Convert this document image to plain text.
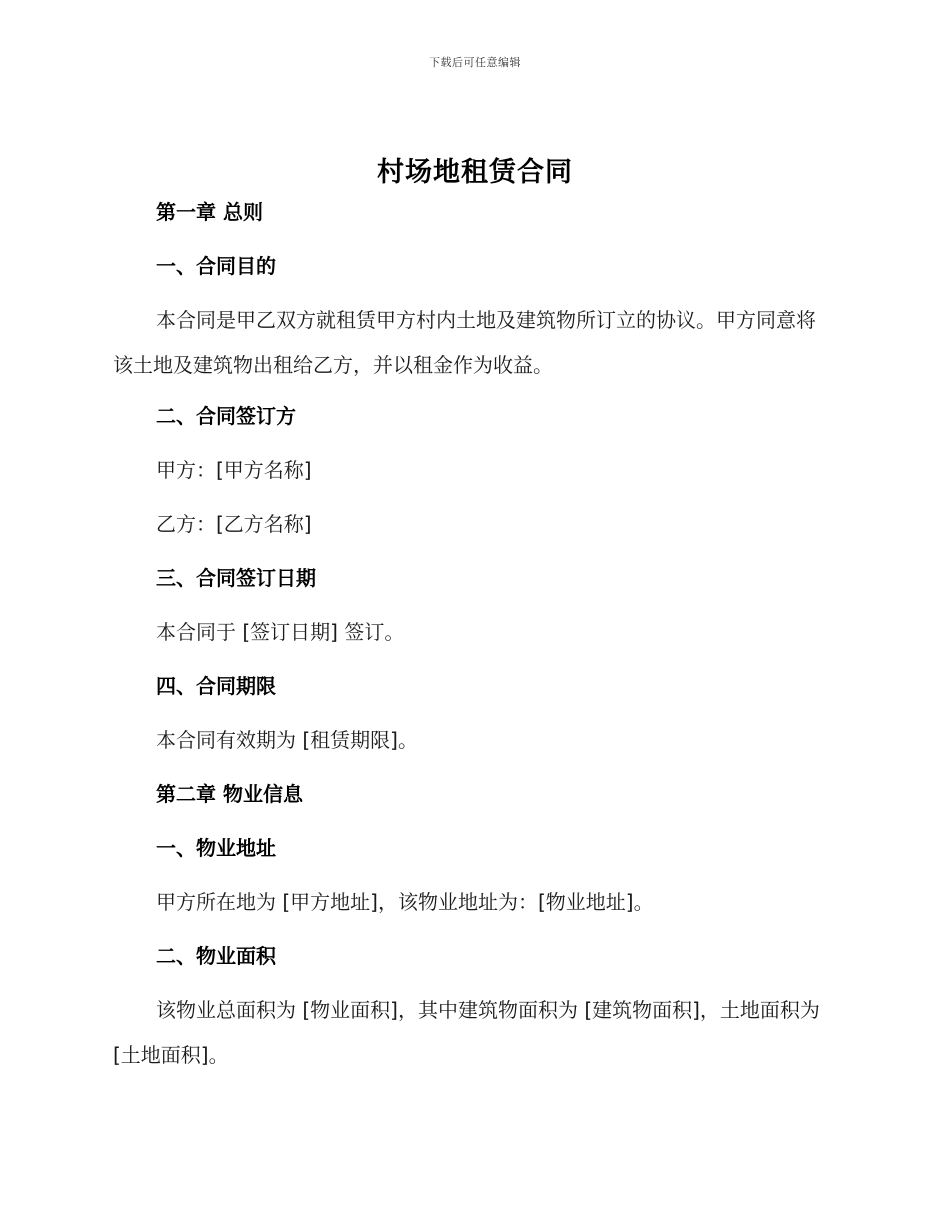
下载后可任意编辑
村场地租赁合同
第一章 总则
一、合同目的
本合同是甲乙双方就租赁甲方村内土地及建筑物所订立的协议。甲方同意将该土地及建筑物出租给乙方，并以租金作为收益。
二、合同签订方
甲方：[甲方名称]
乙方：[乙方名称]
三、合同签订日期
本合同于 [签订日期] 签订。
四、合同期限
本合同有效期为 [租赁期限]。
第二章 物业信息
一、物业地址
甲方所在地为 [甲方地址]，该物业地址为：[物业地址]。
二、物业面积
该物业总面积为 [物业面积]，其中建筑物面积为 [建筑物面积]，土地面积为 [土地面积]。
